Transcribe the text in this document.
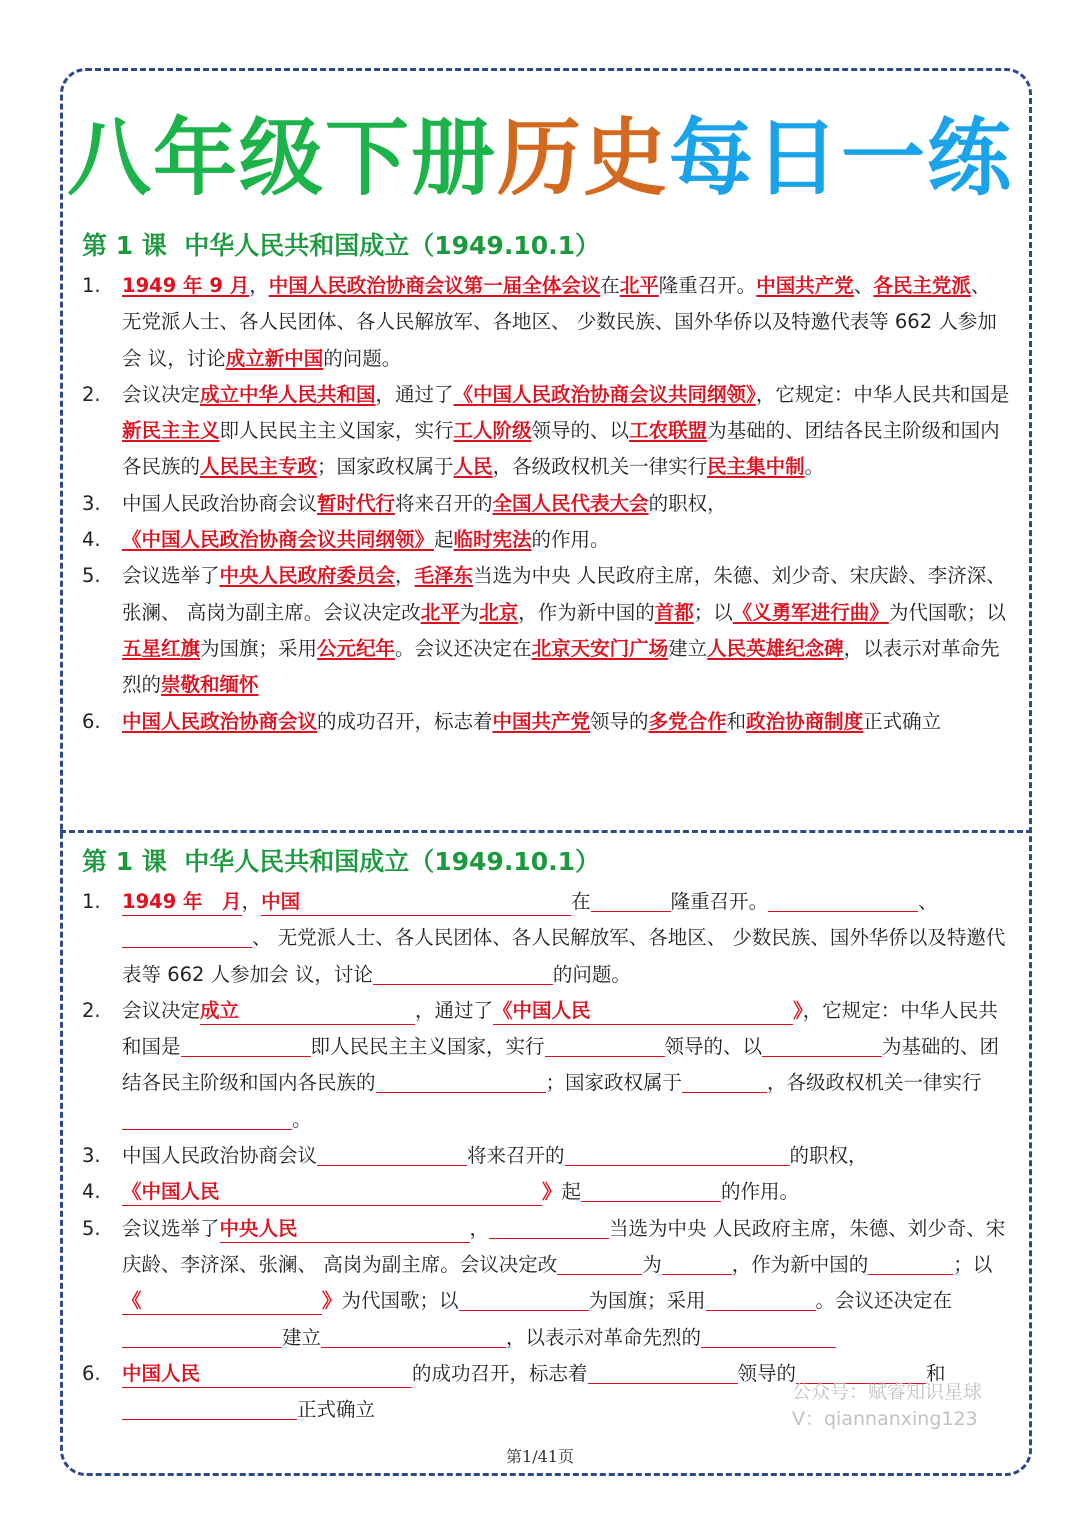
八年级下册历史每日一练
第 1 课 中华人民共和国成立（1949.10.1）
1.	1949 年 9 月，中国人民政治协商会议第一届全体会议在北平隆重召开。中国共产党、各民主党派、 无党派人士、各人民团体、各人民解放军、各地区、 少数民族、国外华侨以及特邀代表等 662 人参加会 议，讨论成立新中国的问题。
2.	会议决定成立中华人民共和国，通过了《中国人民政治协商会议共同纲领》，它规定：中华人民共和国是新民主主义即人民民主主义国家，实行工人阶级领导的、以工农联盟为基础的、团结各民主阶级和国内各民族的人民民主专政；国家政权属于人民，各级政权机关一律实行民主集中制。
3.	中国人民政治协商会议暂时代行将来召开的全国人民代表大会的职权，
4.	《中国人民政治协商会议共同纲领》起临时宪法的作用。
5.	会议选举了中央人民政府委员会，毛泽东当选为中央 人民政府主席，朱德、刘少奇、宋庆龄、李济深、张澜、 高岗为副主席。会议决定改北平为北京，作为新中国的首都；以《义勇军进行曲》为代国歌；以五星红旗为国旗；采用公元纪年。会议还决定在北京天安门广场建立人民英雄纪念碑，以表示对革命先烈的崇敬和缅怀
6.	中国人民政治协商会议的成功召开，标志着中国共产党领导的多党合作和政治协商制度正式确立
第 1 课 中华人民共和国成立（1949.10.1）
1.	1949 年　月，中国	在	隆重召开。	、
、 无党派人士、各人民团体、各人民解放军、各地区、 少数民族、国外华侨以及特邀代表等 662 人参加会 议，讨论	的问题。
2.	会议决定成立	，通过了《中国人民	》，它规定：中华人民共和国是	即人民民主主义国家，实行	领导的、以	为基础的、团结各民主阶级和国内各民族的	；国家政权属于	，各级政权机关一律实行。
3.	中国人民政治协商会议	将来召开的	的职权，
4.	《中国人民	》起	的作用。
5.	会议选举了中央人民	，	当选为中央 人民政府主席，朱德、刘少奇、宋庆龄、李济深、张澜、 高岗为副主席。会议决定改	为	，作为新中国的	；以《	》为代国歌；以	为国旗；采用	。会议还决定在建立	，以表示对革命先烈的
6.	中国人民	的成功召开，标志着	领导的	和正式确立
第1/41页
公众号：赋睿知识星球
V：qiannanxing123
